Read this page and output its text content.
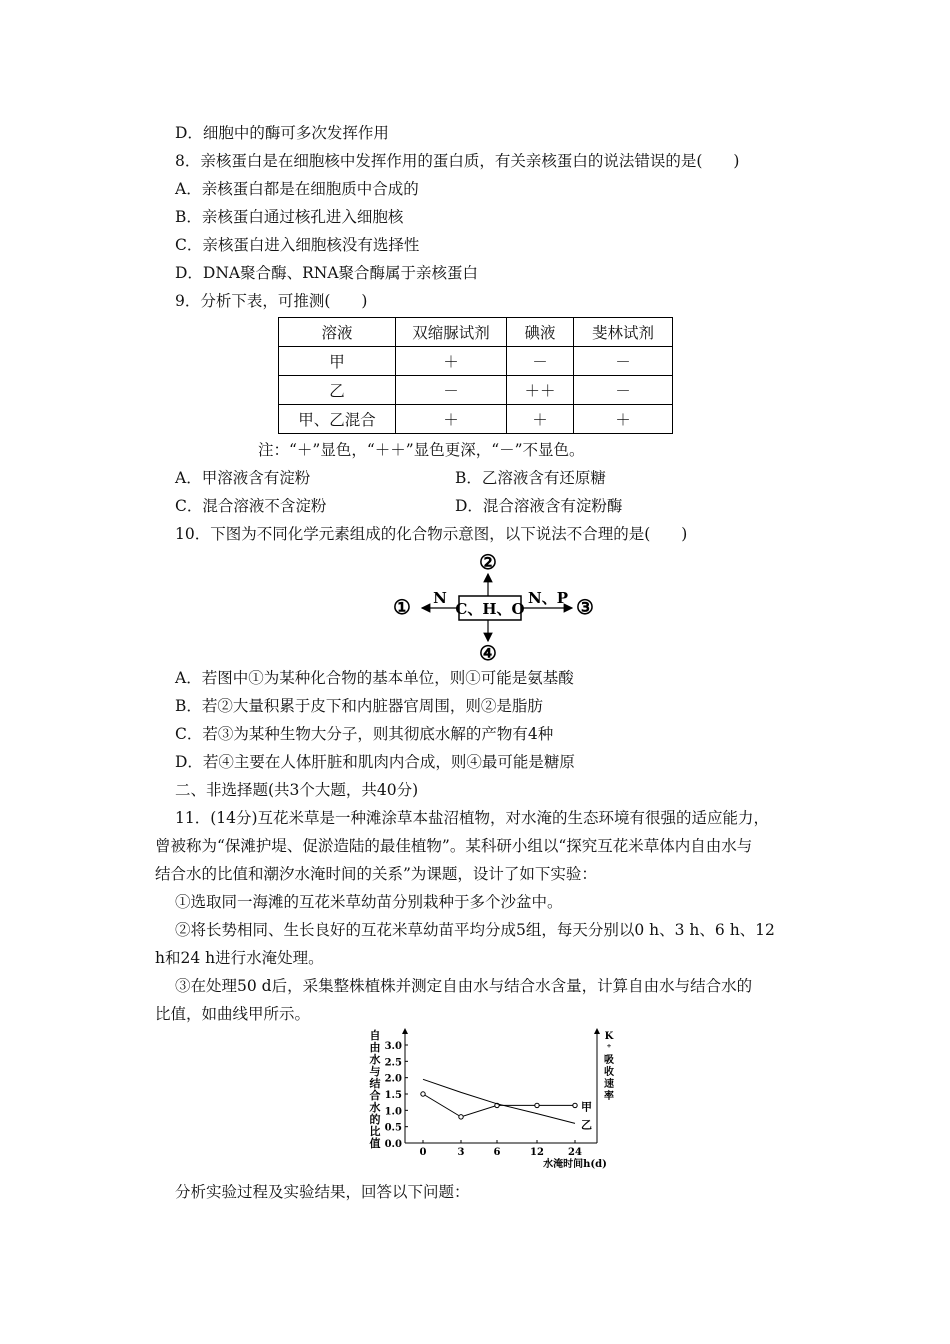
D．细胞中的酶可多次发挥作用
8．亲核蛋白是在细胞核中发挥作用的蛋白质，有关亲核蛋白的说法错误的是(　　)
A．亲核蛋白都是在细胞质中合成的
B．亲核蛋白通过核孔进入细胞核
C．亲核蛋白进入细胞核没有选择性
D．DNA聚合酶、RNA聚合酶属于亲核蛋白
9．分析下表，可推测(　　)
溶液	双缩脲试剂	碘液	斐林试剂
甲	＋	－	－
乙	－	＋＋	－
甲、乙混合	＋	＋	＋
注：“＋”显色，“＋＋”显色更深，“－”不显色。
A．甲溶液含有淀粉	B．乙溶液含有还原糖
C．混合溶液不含淀粉	D．混合溶液含有淀粉酶
10．下图为不同化学元素组成的化合物示意图，以下说法不合理的是(　　)
C、H、O
N	N、P
①
②
③
④
A．若图中①为某种化合物的基本单位，则①可能是氨基酸
B．若②大量积累于皮下和内脏器官周围，则②是脂肪
C．若③为某种生物大分子，则其彻底水解的产物有4种
D．若④主要在人体肝脏和肌肉内合成，则④最可能是糖原
二、非选择题(共3个大题，共40分)
11．(14分)互花米草是一种滩涂草本盐沼植物，对水淹的生态环境有很强的适应能力，
曾被称为“保滩护堤、促淤造陆的最佳植物”。某科研小组以“探究互花米草体内自由水与
结合水的比值和潮汐水淹时间的关系”为课题，设计了如下实验：
①选取同一海滩的互花米草幼苗分别栽种于多个沙盆中。
②将长势相同、生长良好的互花米草幼苗平均分成5组，每天分别以0 h、3 h、6 h、12
h和24 h进行水淹处理。
③在处理50 d后，采集整株植株并测定自由水与结合水含量，计算自由水与结合水的
比值，如曲线甲所示。
自由水与结合水的比值
K ⁺吸收速率
水淹时间h(d)
0.0
0.5
1.0
1.5
2.0
2.5
3.0
0	3	6	12 24
甲
乙
分析实验过程及实验结果，回答以下问题：
